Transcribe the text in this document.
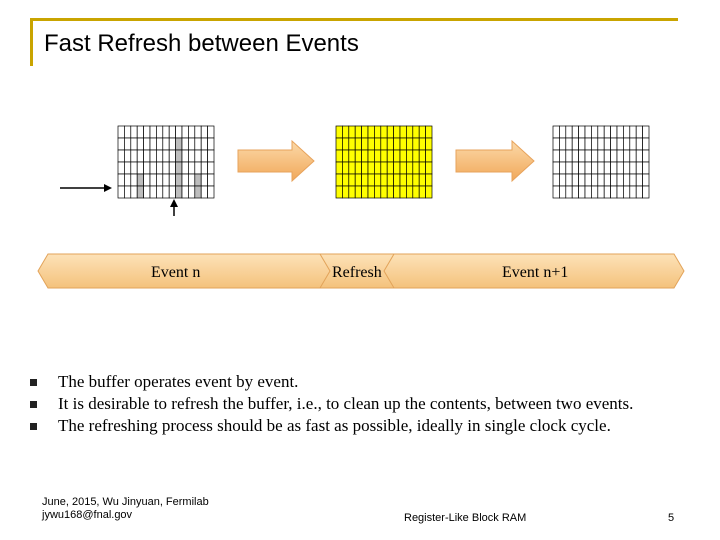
Fast Refresh between Events
Event n	Refresh	Event n+1
The buffer operates event by event.
It is desirable to refresh the buffer, i.e., to clean up the contents, between two events.
The refreshing process should be as fast as possible, ideally in single clock cycle.
June, 2015, Wu Jinyuan, Fermilab
jywu168@fnal.gov	Register-Like Block RAM	5
